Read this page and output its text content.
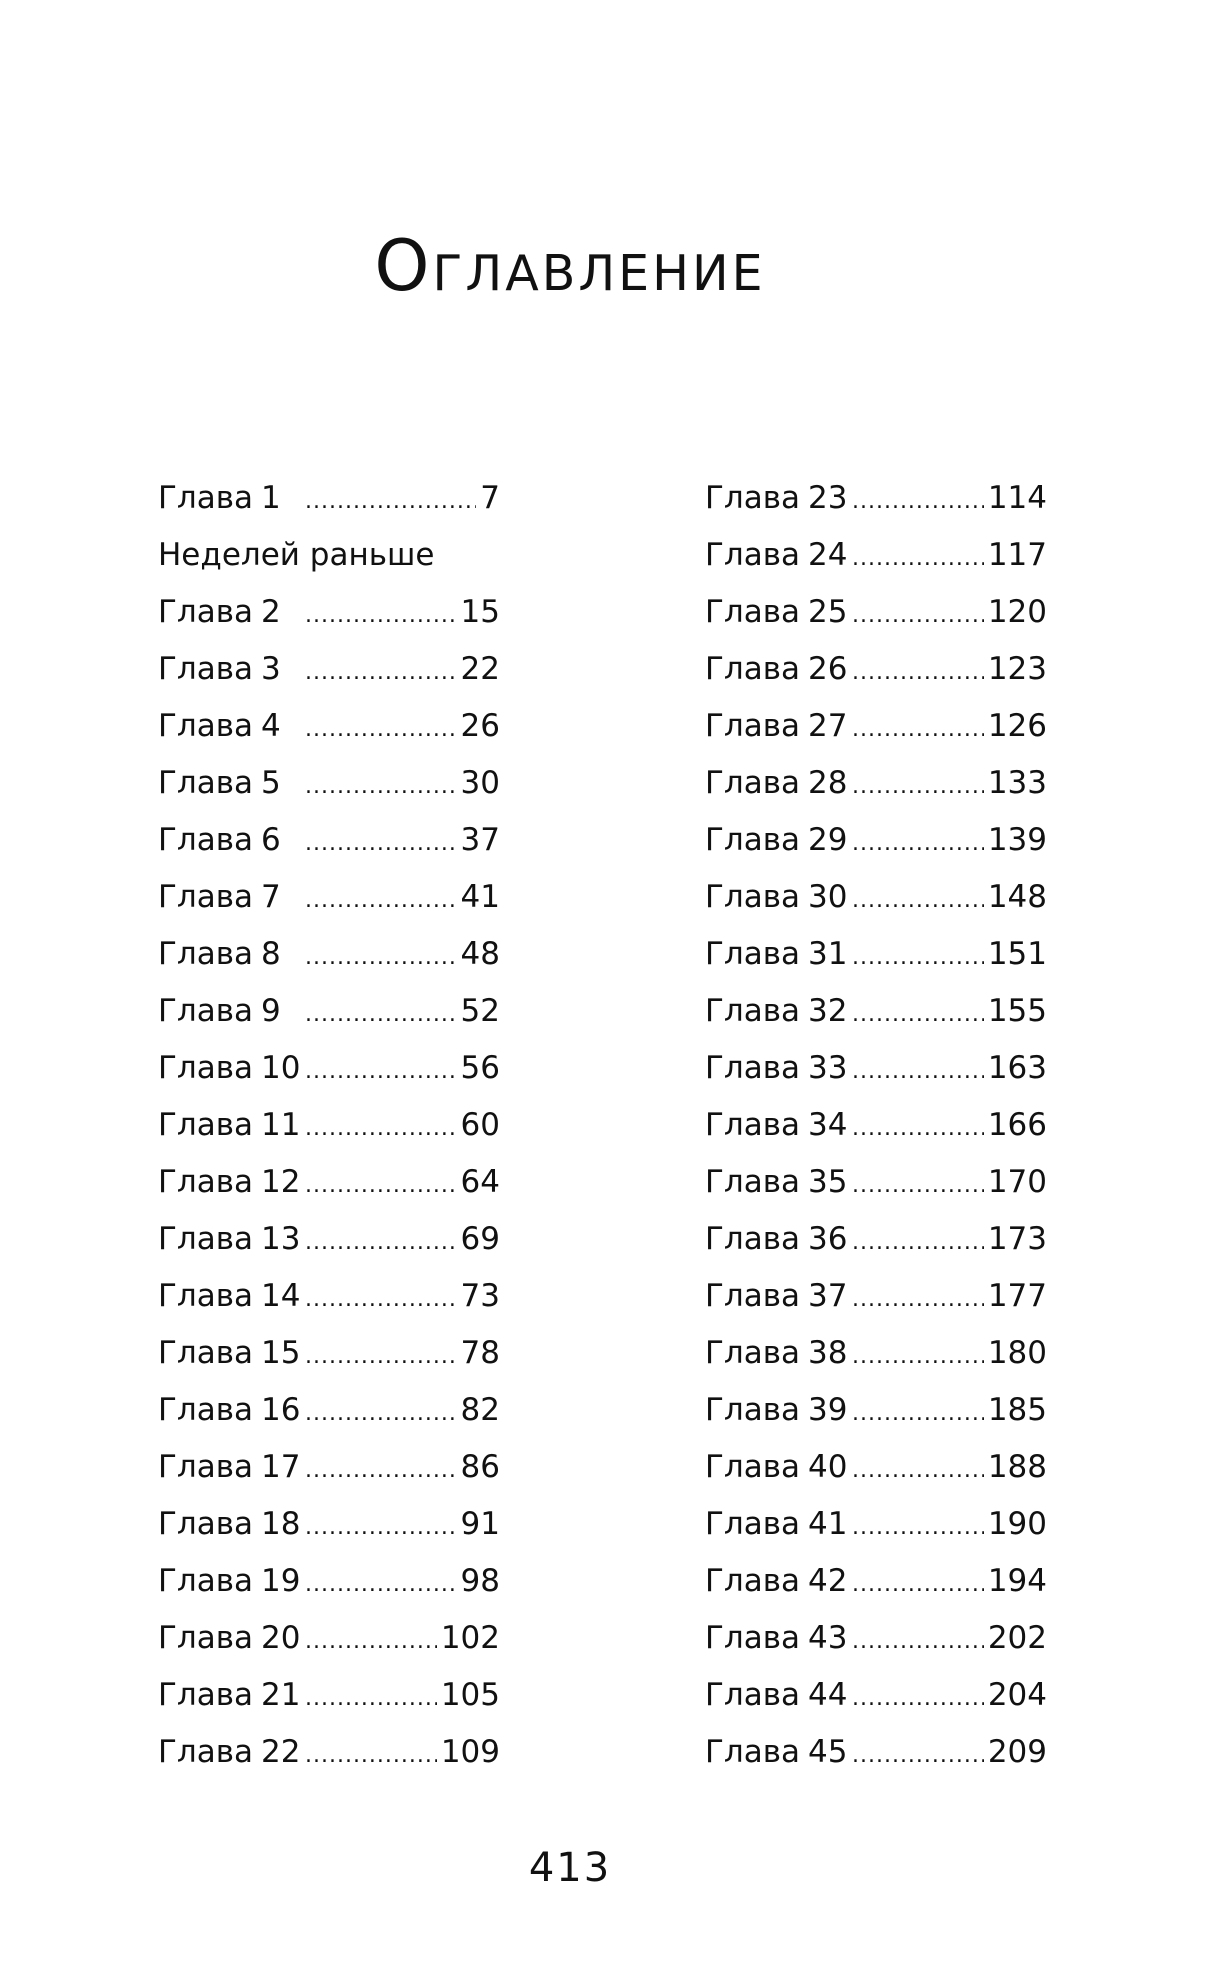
Оглавление
Глава 1 .....	7
Неделей раньше
Глава 2 .....	15
Глава 3 .....	22
Глава 4 .....	26
Глава 5 .....	30
Глава 6 .....	37
Глава 7 .....	41
Глава 8 .....	48
Глава 9 .....	52
Глава 10 .....	56
Глава 11 .....	60
Глава 12 .....	64
Глава 13 .....	69
Глава 14 .....	73
Глава 15 .....	78
Глава 16 .....	82
Глава 17 .....	86
Глава 18 .....	91
Глава 19 .....	98
Глава 20 .....	102
Глава 21 .....	105
Глава 22 .....	109
Глава 23 .....	114
Глава 24 .....	117
Глава 25 .....	120
Глава 26 .....	123
Глава 27 .....	126
Глава 28 .....	133
Глава 29 .....	139
Глава 30 .....	148
Глава 31 .....	151
Глава 32 .....	155
Глава 33 .....	163
Глава 34 .....	166
Глава 35 .....	170
Глава 36 .....	173
Глава 37 .....	177
Глава 38 .....	180
Глава 39 .....	185
Глава 40 .....	188
Глава 41 .....	190
Глава 42 .....	194
Глава 43 .....	202
Глава 44 .....	204
Глава 45 .....	209
413
